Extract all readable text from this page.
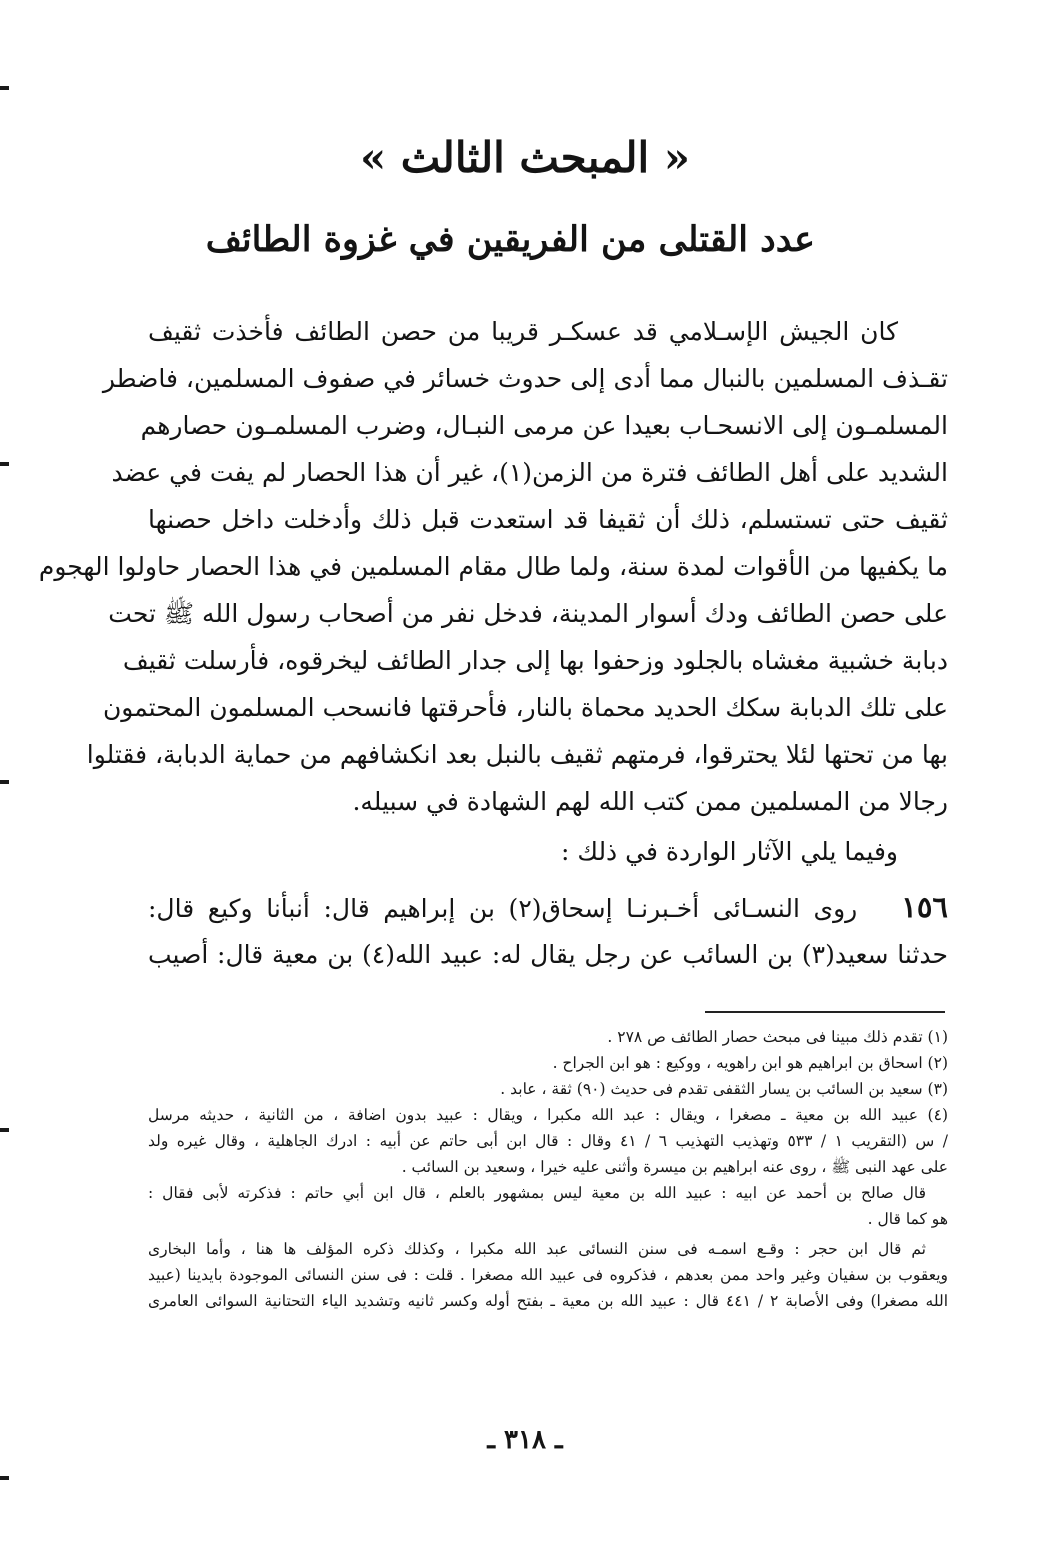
« المبحث الثالث »
عدد القتلى من الفريقين في غزوة الطائف
كان الجيش الإسـلامي قد عسكـر قريبا من حصن الطائف فأخذت ثقيف
تقـذف المسلمين بالنبال مما أدى إلى حدوث خسائر في صفوف المسلمين، فاضطر
المسلمـون إلى الانسحـاب بعيدا عن مرمى النبـال، وضرب المسلمـون حصارهم
الشديد على أهل الطائف فترة من الزمن(١)، غير أن هذا الحصار لم يفت في عضد
ثقيف حتى تستسلم، ذلك أن ثقيفا قد استعدت قبل ذلك وأدخلت داخل حصنها
ما يكفيها من الأقوات لمدة سنة، ولما طال مقام المسلمين في هذا الحصار حاولوا الهجوم
على حصن الطائف ودك أسوار المدينة، فدخل نفر من أصحاب رسول الله ﷺ تحت
دبابة خشبية مغشاه بالجلود وزحفوا بها إلى جدار الطائف ليخرقوه، فأرسلت ثقيف
على تلك الدبابة سكك الحديد محماة بالنار، فأحرقتها فانسحب المسلمون المحتمون
بها من تحتها لئلا يحترقوا، فرمتهم ثقيف بالنبل بعد انكشافهم من حماية الدبابة، فقتلوا
رجالا من المسلمين ممن كتب الله لهم الشهادة في سبيله.
وفيما يلي الآثار الواردة في ذلك :
١٥٦روى النسـائى أخـبرنـا إسحاق(٢) بن إبراهيم قال: أنبأنا وكيع قال:
حدثنا سعيد(٣) بن السائب عن رجل يقال له: عبيد الله(٤) بن معية قال: أصيب
(١) تقدم ذلك مبينا فى مبحث حصار الطائف ص ٢٧٨ .
(٢) اسحاق بن ابراهيم هو ابن راهويه ، ووكيع : هو ابن الجراح .
(٣) سعيد بن السائب بن يسار الثقفى تقدم فى حديث (٩٠) ثقة ، عابد .
(٤) عبيد الله بن معية ـ مصغرا ، ويقال : عبد الله مكبرا ، ويقال : عبيد بدون اضافة ، من الثانية ، حديثه مرسل
/ س (التقريب ١ / ٥٣٣ وتهذيب التهذيب ٦ / ٤١ وقال : قال ابن أبى حاتم عن أبيه : ادرك الجاهلية ، وقال غيره ولد
على عهد النبى ﷺ ، روى عنه ابراهيم بن ميسرة وأثنى عليه خيرا ، وسعيد بن السائب .
قال صالح بن أحمد عن ابيه : عبيد الله بن معية ليس بمشهور بالعلم ، قال ابن أبي حاتم : فذكرته لأبى فقال :
هو كما قال .
ثم قال ابن حجر : وقـع اسمـه فى سنن النسائى عبد الله مكبرا ، وكذلك ذكره المؤلف ها هنا ، وأما البخارى
ويعقوب بن سفيان وغير واحد ممن بعدهم ، فذكروه فى عبيد الله مصغرا . قلت : فى سنن النسائى الموجودة بايدينا (عبيد
الله مصغرا) وفى الأصابة ٢ / ٤٤١ قال : عبيد الله بن معية ـ بفتح أوله وكسر ثانيه وتشديد الياء التحتانية السوائى العامرى
ـ ٣١٨ ـ
